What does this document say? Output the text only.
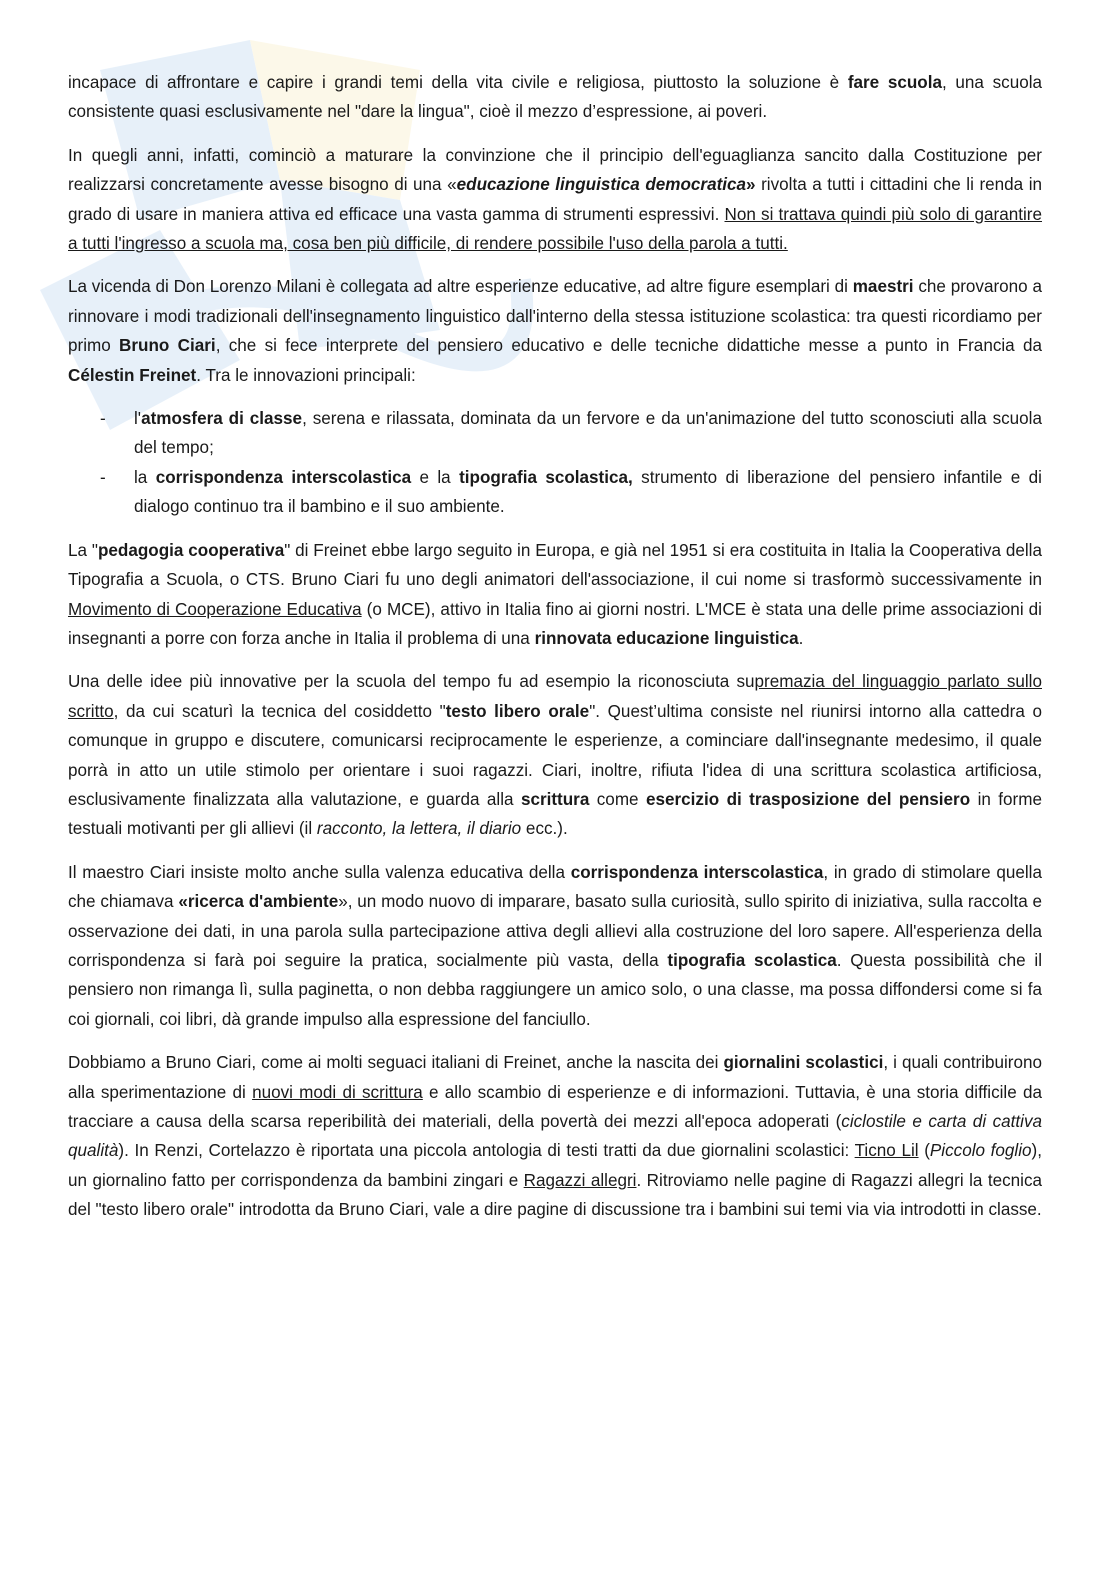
incapace di affrontare e capire i grandi temi della vita civile e religiosa, piuttosto la soluzione è fare scuola, una scuola consistente quasi esclusivamente nel "dare la lingua", cioè il mezzo d’espressione, ai poveri.

In quegli anni, infatti, cominciò a maturare la convinzione che il principio dell'eguaglianza sancito dalla Costituzione per realizzarsi concretamente avesse bisogno di una «educazione linguistica democratica» rivolta a tutti i cittadini che li renda in grado di usare in maniera attiva ed efficace una vasta gamma di strumenti espressivi. Non si trattava quindi più solo di garantire a tutti l'ingresso a scuola ma, cosa ben più difficile, di rendere possibile l'uso della parola a tutti.

La vicenda di Don Lorenzo Milani è collegata ad altre esperienze educative, ad altre figure esemplari di maestri che provarono a rinnovare i modi tradizionali dell'insegnamento linguistico dall'interno della stessa istituzione scolastica: tra questi ricordiamo per primo Bruno Ciari, che si fece interprete del pensiero educativo e delle tecniche didattiche messe a punto in Francia da Célestin Freinet. Tra le innovazioni principali:

- l'atmosfera di classe, serena e rilassata, dominata da un fervore e da un'animazione del tutto sconosciuti alla scuola del tempo;
- la corrispondenza interscolastica e la tipografia scolastica, strumento di liberazione del pensiero infantile e di dialogo continuo tra il bambino e il suo ambiente.

La "pedagogia cooperativa" di Freinet ebbe largo seguito in Europa, e già nel 1951 si era costituita in Italia la Cooperativa della Tipografia a Scuola, o CTS. Bruno Ciari fu uno degli animatori dell'associazione, il cui nome si trasformò successivamente in Movimento di Cooperazione Educativa (o MCE), attivo in Italia fino ai giorni nostri. L'MCE è stata una delle prime associazioni di insegnanti a porre con forza anche in Italia il problema di una rinnovata educazione linguistica.

Una delle idee più innovative per la scuola del tempo fu ad esempio la riconosciuta supremazia del linguaggio parlato sullo scritto, da cui scaturì la tecnica del cosiddetto "testo libero orale". Quest’ultima consiste nel riunirsi intorno alla cattedra o comunque in gruppo e discutere, comunicarsi reciprocamente le esperienze, a cominciare dall'insegnante medesimo, il quale porrà in atto un utile stimolo per orientare i suoi ragazzi. Ciari, inoltre, rifiuta l'idea di una scrittura scolastica artificiosa, esclusivamente finalizzata alla valutazione, e guarda alla scrittura come esercizio di trasposizione del pensiero in forme testuali motivanti per gli allievi (il racconto, la lettera, il diario ecc.).

Il maestro Ciari insiste molto anche sulla valenza educativa della corrispondenza interscolastica, in grado di stimolare quella che chiamava «ricerca d'ambiente», un modo nuovo di imparare, basato sulla curiosità, sullo spirito di iniziativa, sulla raccolta e osservazione dei dati, in una parola sulla partecipazione attiva degli allievi alla costruzione del loro sapere. All'esperienza della corrispondenza si farà poi seguire la pratica, socialmente più vasta, della tipografia scolastica. Questa possibilità che il pensiero non rimanga lì, sulla paginetta, o non debba raggiungere un amico solo, o una classe, ma possa diffondersi come si fa coi giornali, coi libri, dà grande impulso alla espressione del fanciullo.

Dobbiamo a Bruno Ciari, come ai molti seguaci italiani di Freinet, anche la nascita dei giornalini scolastici, i quali contribuirono alla sperimentazione di nuovi modi di scrittura e allo scambio di esperienze e di informazioni. Tuttavia, è una storia difficile da tracciare a causa della scarsa reperibilità dei materiali, della povertà dei mezzi all'epoca adoperati (ciclostile e carta di cattiva qualità). In Renzi, Cortelazzo è riportata una piccola antologia di testi tratti da due giornalini scolastici: Ticno Lil (Piccolo foglio), un giornalino fatto per corrispondenza da bambini zingari e Ragazzi allegri. Ritroviamo nelle pagine di Ragazzi allegri la tecnica del "testo libero orale" introdotta da Bruno Ciari, vale a dire pagine di discussione tra i bambini sui temi via via introdotti in classe.
